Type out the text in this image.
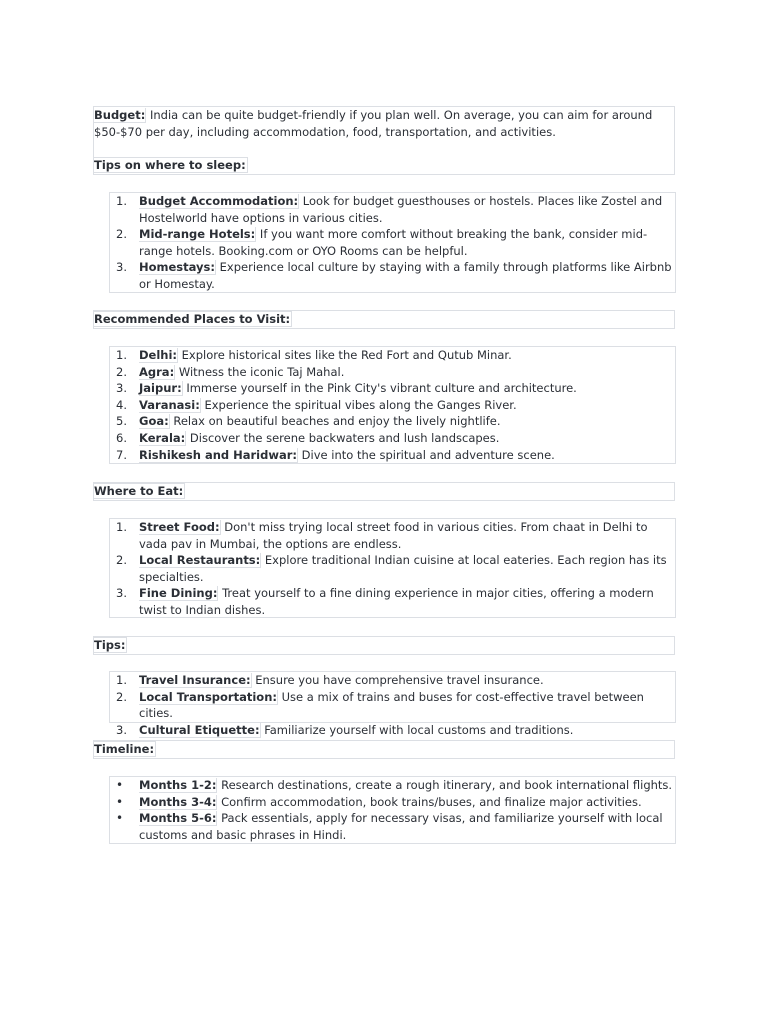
Budget: India can be quite budget-friendly if you plan well. On average, you can aim for around $50-$70 per day, including accommodation, food, transportation, and activities.

Tips on where to sleep:

1. Budget Accommodation: Look for budget guesthouses or hostels. Places like Zostel and Hostelworld have options in various cities.
2. Mid-range Hotels: If you want more comfort without breaking the bank, consider mid-range hotels. Booking.com or OYO Rooms can be helpful.
3. Homestays: Experience local culture by staying with a family through platforms like Airbnb or Homestay.

Recommended Places to Visit:

1. Delhi: Explore historical sites like the Red Fort and Qutub Minar.
2. Agra: Witness the iconic Taj Mahal.
3. Jaipur: Immerse yourself in the Pink City's vibrant culture and architecture.
4. Varanasi: Experience the spiritual vibes along the Ganges River.
5. Goa: Relax on beautiful beaches and enjoy the lively nightlife.
6. Kerala: Discover the serene backwaters and lush landscapes.
7. Rishikesh and Haridwar: Dive into the spiritual and adventure scene.

Where to Eat:

1. Street Food: Don't miss trying local street food in various cities. From chaat in Delhi to vada pav in Mumbai, the options are endless.
2. Local Restaurants: Explore traditional Indian cuisine at local eateries. Each region has its specialties.
3. Fine Dining: Treat yourself to a fine dining experience in major cities, offering a modern twist to Indian dishes.

Tips:

1. Travel Insurance: Ensure you have comprehensive travel insurance.
2. Local Transportation: Use a mix of trains and buses for cost-effective travel between cities.
3. Cultural Etiquette: Familiarize yourself with local customs and traditions.

Timeline:

• Months 1-2: Research destinations, create a rough itinerary, and book international flights.
• Months 3-4: Confirm accommodation, book trains/buses, and finalize major activities.
• Months 5-6: Pack essentials, apply for necessary visas, and familiarize yourself with local customs and basic phrases in Hindi.
